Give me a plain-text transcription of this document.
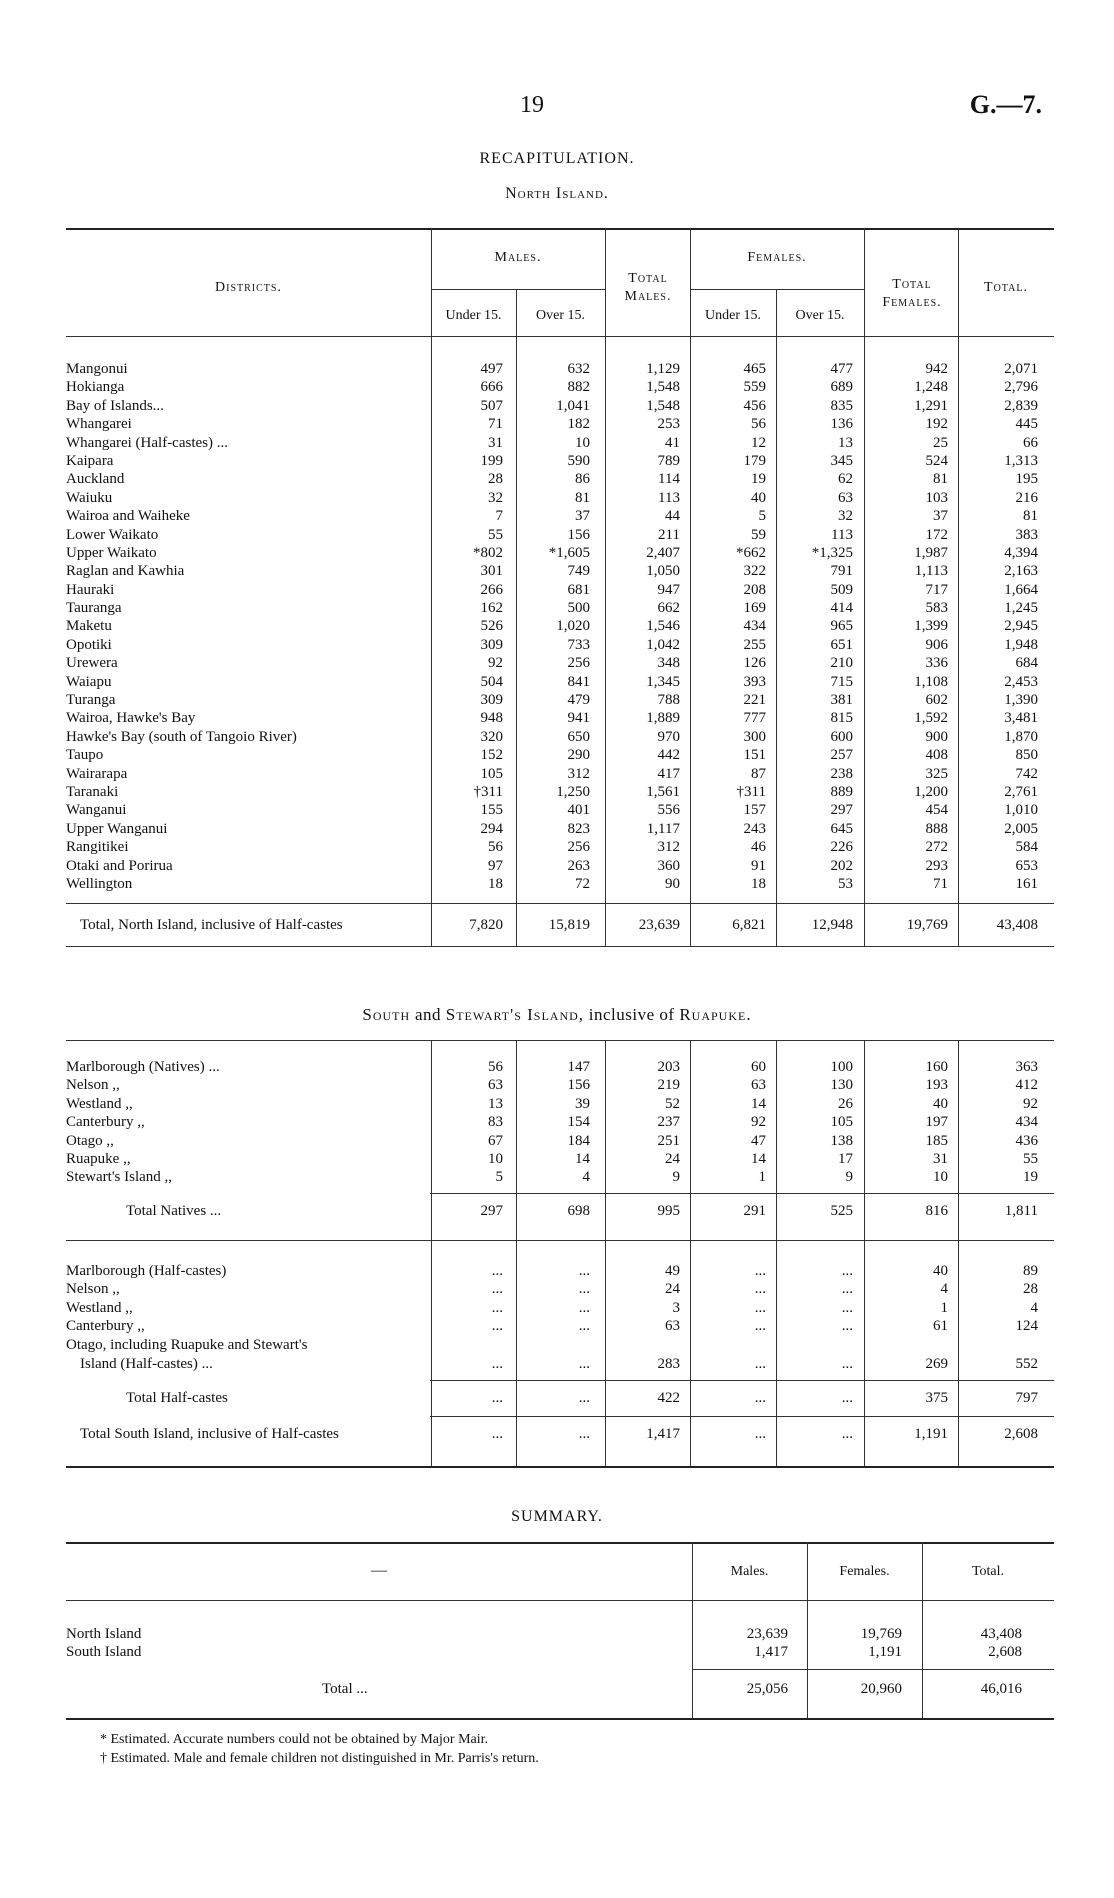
19	G.—7.
RECAPITULATION.
North Island.
Districts.
Males.
Under 15.	Over 15.
Total Males.
Females.
Under 15.	Over 15.
Total Females.
Total.
Mangonui	497	632	1,129	465	477	942	2,071
Hokianga	666	882	1,548	559	689	1,248	2,796
Bay of Islands...	507	1,041	1,548	456	835	1,291	2,839
Whangarei	71	182	253	56	136	192	445
Whangarei (Half-castes) ...	31	10	41	12	13	25	66
Kaipara	199	590	789	179	345	524	1,313
Auckland	28	86	114	19	62	81	195
Waiuku	32	81	113	40	63	103	216
Wairoa and Waiheke	7	37	44	5	32	37	81
Lower Waikato	55	156	211	59	113	172	383
Upper Waikato	*802	*1,605	2,407	*662	*1,325	1,987	4,394
Raglan and Kawhia	301	749	1,050	322	791	1,113	2,163
Hauraki	266	681	947	208	509	717	1,664
Tauranga	162	500	662	169	414	583	1,245
Maketu	526	1,020	1,546	434	965	1,399	2,945
Opotiki	309	733	1,042	255	651	906	1,948
Urewera	92	256	348	126	210	336	684
Waiapu	504	841	1,345	393	715	1,108	2,453
Turanga	309	479	788	221	381	602	1,390
Wairoa, Hawke's Bay	948	941	1,889	777	815	1,592	3,481
Hawke's Bay (south of Tangoio River)	320	650	970	300	600	900	1,870
Taupo	152	290	442	151	257	408	850
Wairarapa	105	312	417	87	238	325	742
Taranaki	†311	1,250	1,561	†311	889	1,200	2,761
Wanganui	155	401	556	157	297	454	1,010
Upper Wanganui	294	823	1,117	243	645	888	2,005
Rangitikei	56	256	312	46	226	272	584
Otaki and Porirua	97	263	360	91	202	293	653
Wellington	18	72	90	18	53	71	161
Total, North Island, inclusive of Half-castes	7,820	15,819	23,639	6,821	12,948	19,769	43,408
South and Stewart's Island, inclusive of Ruapuke.
Marlborough (Natives) ...	56	147	203	60	100	160	363
Nelson ,,	63	156	219	63	130	193	412
Westland ,,	13	39	52	14	26	40	92
Canterbury ,,	83	154	237	92	105	197	434
Otago ,,	67	184	251	47	138	185	436
Ruapuke ,,	10	14	24	14	17	31	55
Stewart's Island ,,	5	4	9	1	9	10	19
Total Natives ...	297	698	995	291	525	816	1,811
Marlborough (Half-castes)	...	...	49	...	...	40	89
Nelson ,,	...	...	24	...	...	4	28
Westland ,,	...	...	3	...	...	1	4
Canterbury ,,	...	...	63	...	...	61	124
Otago, including Ruapuke and Stewart's
Island (Half-castes) ...	...	...	283	...	...	269	552
Total Half-castes	...	...	422	...	...	375	797
Total South Island, inclusive of Half-castes	...	...	1,417	...	...	1,191	2,608
SUMMARY.
—	Males.	Females.	Total.
North Island	23,639	19,769	43,408
South Island	1,417	1,191	2,608
Total ...	25,056	20,960	46,016
* Estimated. Accurate numbers could not be obtained by Major Mair.
† Estimated. Male and female children not distinguished in Mr. Parris's return.
